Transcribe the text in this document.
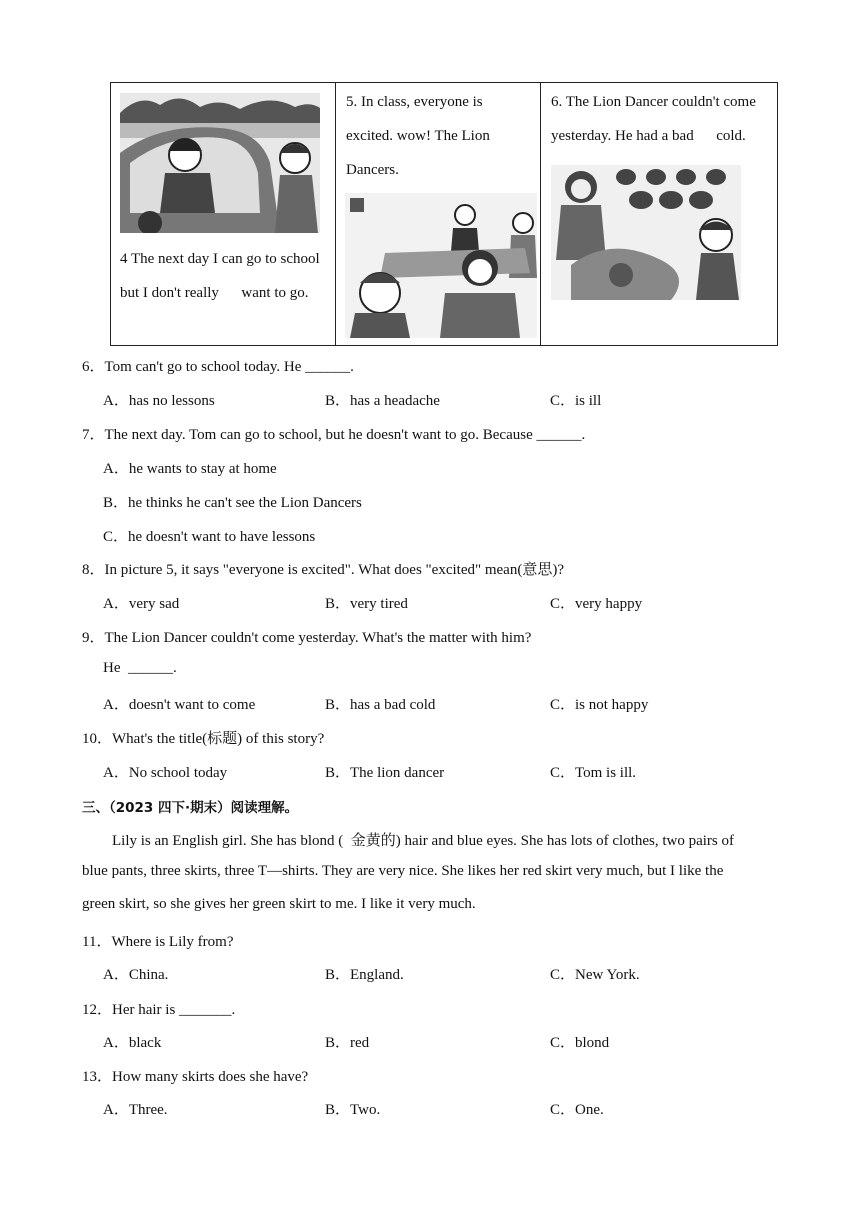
4 The next day I can go to school
but I don't really      want to go.
5. In class, everyone is
excited. wow! The Lion
Dancers.
6. The Lion Dancer couldn't come
yesterday. He had a bad      cold.
6．Tom can't go to school today. He ______.
A．has no lessons	B．has a headache	C．is ill
7．The next day. Tom can go to school, but he doesn't want to go. Because ______.
A．he wants to stay at home
B．he thinks he can't see the Lion Dancers
C．he doesn't want to have lessons
8．In picture 5, it says "everyone is excited". What does "excited" mean(意思)?
A．very sad	B．very tired	C．very happy
9．The Lion Dancer couldn't come yesterday. What's the matter with him?
He  ______.
A．doesn't want to come	B．has a bad cold	C．is not happy
10．What's the title(标题) of this story?
A．No school today	B．The lion dancer	C．Tom is ill.
三、（2023 四下·期末）阅读理解。
Lily is an English girl. She has blond (  金黄的) hair and blue eyes. She has lots of clothes, two pairs of
blue pants, three skirts, three T—shirts. They are very nice. She likes her red skirt very much, but I like the
green skirt, so she gives her green skirt to me. I like it very much.
11．Where is Lily from?
A．China.	B．England.	C．New York.
12．Her hair is _______.
A．black	B．red	C．blond
13．How many skirts does she have?
A．Three.	B．Two.	C．One.
